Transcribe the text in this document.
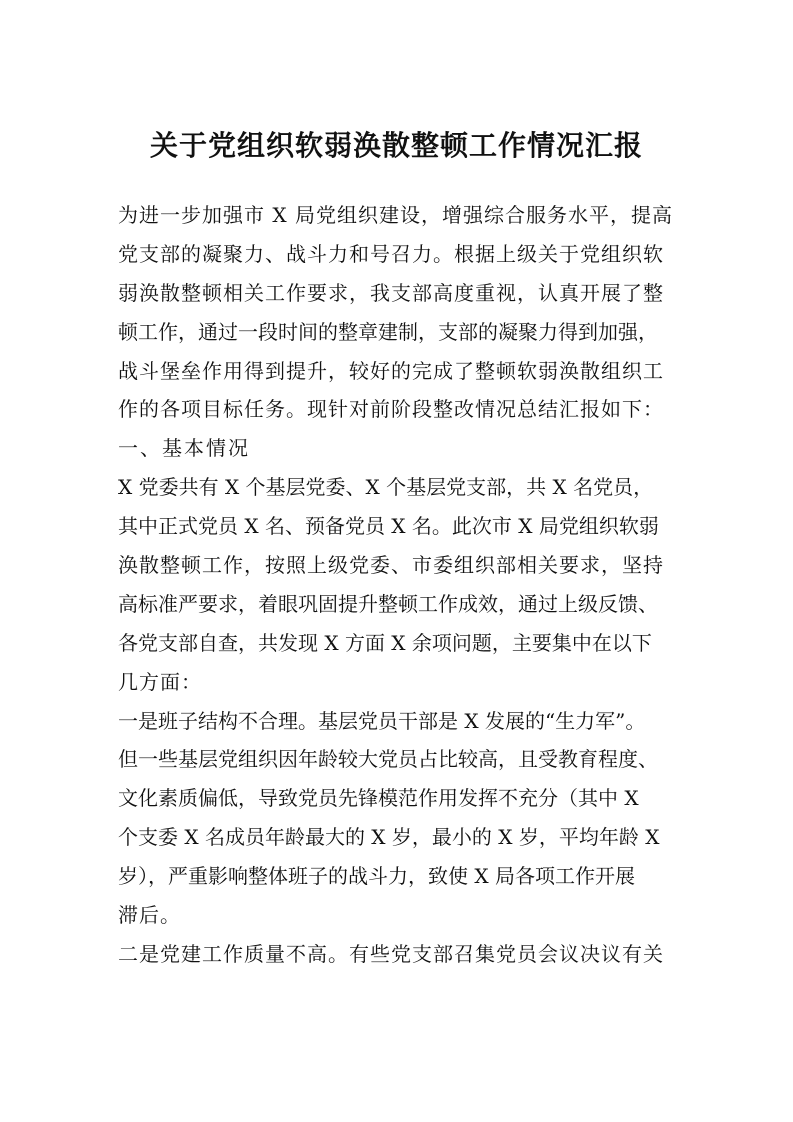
关于党组织软弱涣散整顿工作情况汇报
为进一步加强市 X 局党组织建设，增强综合服务水平，提高
党支部的凝聚力、战斗力和号召力。根据上级关于党组织软
弱涣散整顿相关工作要求，我支部高度重视，认真开展了整
顿工作，通过一段时间的整章建制，支部的凝聚力得到加强，
战斗堡垒作用得到提升，较好的完成了整顿软弱涣散组织工
作的各项目标任务。现针对前阶段整改情况总结汇报如下：
一、基本情况
X 党委共有 X 个基层党委、X 个基层党支部，共 X 名党员，
其中正式党员 X 名、预备党员 X 名。此次市 X 局党组织软弱
涣散整顿工作，按照上级党委、市委组织部相关要求，坚持
高标准严要求，着眼巩固提升整顿工作成效，通过上级反馈、
各党支部自查，共发现 X 方面 X 余项问题，主要集中在以下
几方面：
一是班子结构不合理。基层党员干部是 X 发展的“生力军”。
但一些基层党组织因年龄较大党员占比较高，且受教育程度、
文化素质偏低，导致党员先锋模范作用发挥不充分（其中 X
个支委 X 名成员年龄最大的 X 岁，最小的 X 岁，平均年龄 X
岁），严重影响整体班子的战斗力，致使 X 局各项工作开展
滞后。
二是党建工作质量不高。有些党支部召集党员会议决议有关
